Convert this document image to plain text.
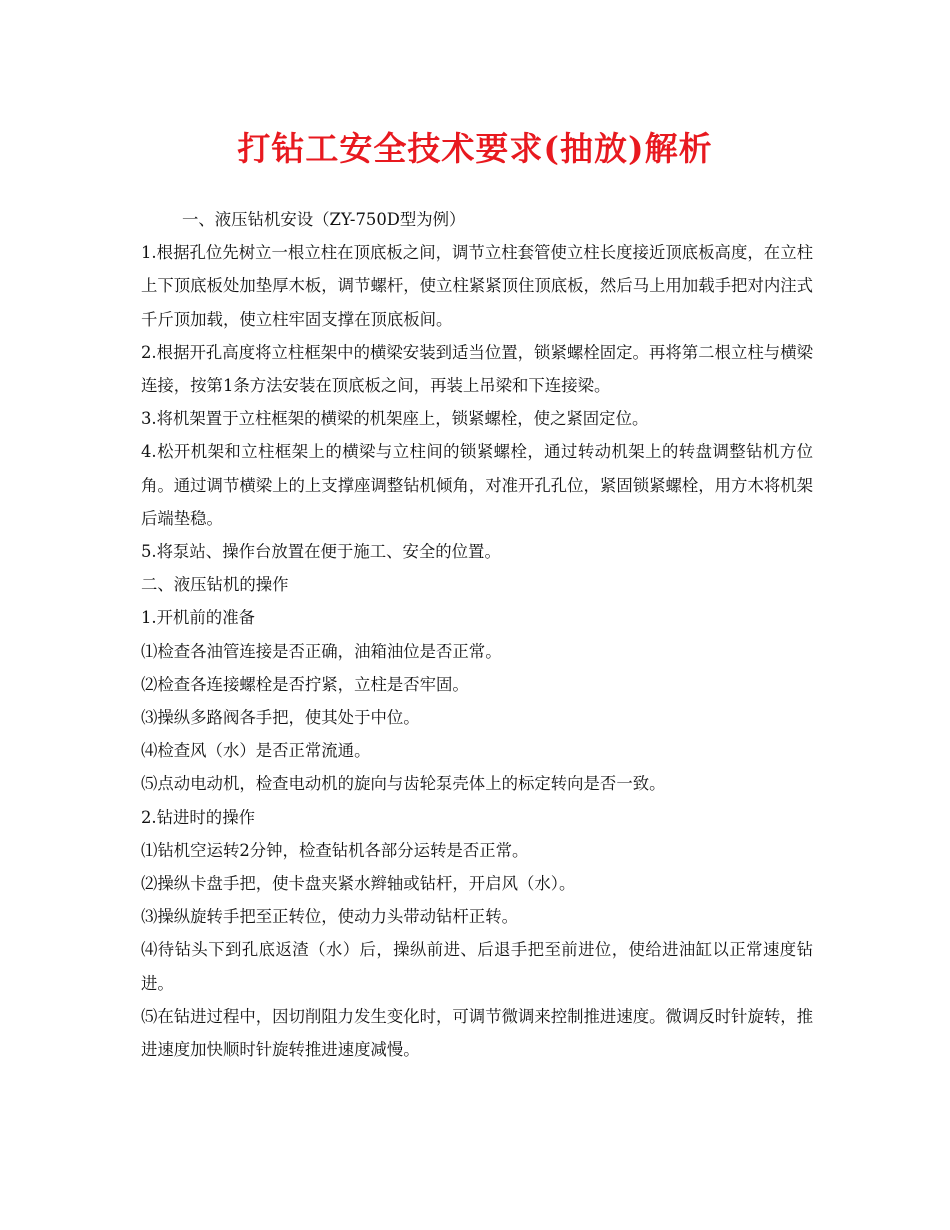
打钻工安全技术要求(抽放)解析

一、液压钻机安设（ZY-750D型为例）

1.根据孔位先树立一根立柱在顶底板之间，调节立柱套管使立柱长度接近顶底板高度，在立柱上下顶底板处加垫厚木板，调节螺杆，使立柱紧紧顶住顶底板，然后马上用加载手把对内注式千斤顶加载，使立柱牢固支撑在顶底板间。

2.根据开孔高度将立柱框架中的横梁安装到适当位置，锁紧螺栓固定。再将第二根立柱与横梁连接，按第1条方法安装在顶底板之间，再装上吊梁和下连接梁。

3.将机架置于立柱框架的横梁的机架座上，锁紧螺栓，使之紧固定位。

4.松开机架和立柱框架上的横梁与立柱间的锁紧螺栓，通过转动机架上的转盘调整钻机方位角。通过调节横梁上的上支撑座调整钻机倾角，对准开孔孔位，紧固锁紧螺栓，用方木将机架后端垫稳。

5.将泵站、操作台放置在便于施工、安全的位置。

二、液压钻机的操作

1.开机前的准备

⑴检查各油管连接是否正确，油箱油位是否正常。

⑵检查各连接螺栓是否拧紧，立柱是否牢固。

⑶操纵多路阀各手把，使其处于中位。

⑷检查风（水）是否正常流通。

⑸点动电动机，检查电动机的旋向与齿轮泵壳体上的标定转向是否一致。

2.钻进时的操作

⑴钻机空运转2分钟，检查钻机各部分运转是否正常。

⑵操纵卡盘手把，使卡盘夹紧水辫轴或钻杆，开启风（水）。

⑶操纵旋转手把至正转位，使动力头带动钻杆正转。

⑷待钻头下到孔底返渣（水）后，操纵前进、后退手把至前进位，使给进油缸以正常速度钻进。

⑸在钻进过程中，因切削阻力发生变化时，可调节微调来控制推进速度。微调反时针旋转，推进速度加快顺时针旋转推进速度减慢。
